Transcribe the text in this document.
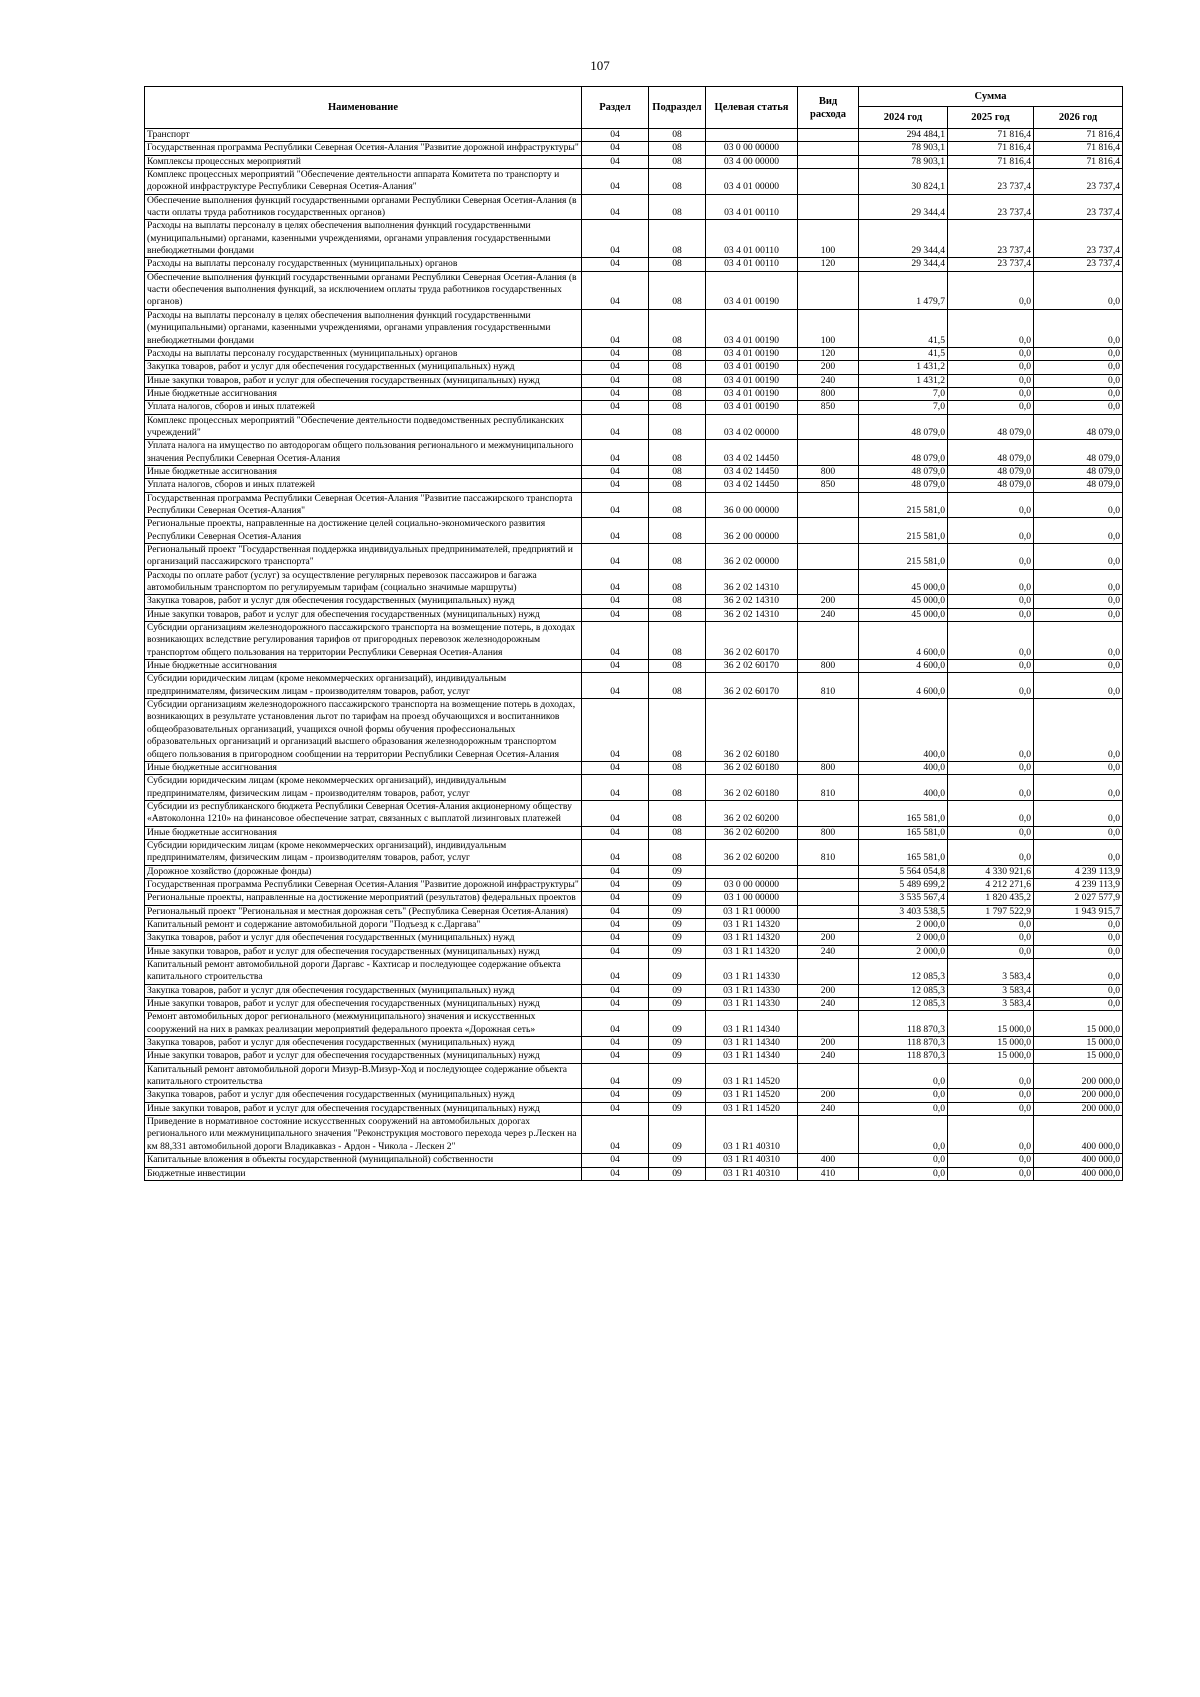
107
Наименование	Раздел	Подраздел	Целевая статья	Вид расхода	Сумма		
					2024 год	2025 год	2026 год
Транспорт	04	08			294 484,1	71 816,4	71 816,4
Государственная программа Республики Северная Осетия-Алания "Развитие дорожной инфраструктуры"	04	08	03 0 00 00000		78 903,1	71 816,4	71 816,4
Комплексы процессных мероприятий	04	08	03 4 00 00000		78 903,1	71 816,4	71 816,4
Комплекс процессных мероприятий "Обеспечение деятельности аппарата Комитета по транспорту и дорожной инфраструктуре Республики Северная Осетия-Алания"	04	08	03 4 01 00000		30 824,1	23 737,4	23 737,4
Обеспечение выполнения функций государственными органами Республики Северная Осетия-Алания (в части оплаты труда работников государственных органов)	04	08	03 4 01 00110		29 344,4	23 737,4	23 737,4
Расходы на выплаты персоналу в целях обеспечения выполнения функций государственными (муниципальными) органами, казенными учреждениями, органами управления государственными внебюджетными фондами	04	08	03 4 01 00110	100	29 344,4	23 737,4	23 737,4
Расходы на выплаты персоналу государственных (муниципальных) органов	04	08	03 4 01 00110	120	29 344,4	23 737,4	23 737,4
Обеспечение выполнения функций государственными органами Республики Северная Осетия-Алания (в части обеспечения выполнения функций, за исключением оплаты труда работников государственных органов)	04	08	03 4 01 00190		1 479,7	0,0	0,0
Расходы на выплаты персоналу в целях обеспечения выполнения функций государственными (муниципальными) органами, казенными учреждениями, органами управления государственными внебюджетными фондами	04	08	03 4 01 00190	100	41,5	0,0	0,0
Расходы на выплаты персоналу государственных (муниципальных) органов	04	08	03 4 01 00190	120	41,5	0,0	0,0
Закупка товаров, работ и услуг для обеспечения государственных (муниципальных) нужд	04	08	03 4 01 00190	200	1 431,2	0,0	0,0
Иные закупки товаров, работ и услуг для обеспечения государственных (муниципальных) нужд	04	08	03 4 01 00190	240	1 431,2	0,0	0,0
Иные бюджетные ассигнования	04	08	03 4 01 00190	800	7,0	0,0	0,0
Уплата налогов, сборов и иных платежей	04	08	03 4 01 00190	850	7,0	0,0	0,0
Комплекс процессных мероприятий "Обеспечение деятельности подведомственных республиканских учреждений"	04	08	03 4 02 00000		48 079,0	48 079,0	48 079,0
Уплата налога на имущество по автодорогам общего пользования регионального и межмуниципального значения Республики Северная Осетия-Алания	04	08	03 4 02 14450		48 079,0	48 079,0	48 079,0
Иные бюджетные ассигнования	04	08	03 4 02 14450	800	48 079,0	48 079,0	48 079,0
Уплата налогов, сборов и иных платежей	04	08	03 4 02 14450	850	48 079,0	48 079,0	48 079,0
Государственная программа Республики Северная Осетия-Алания "Развитие пассажирского транспорта Республики Северная Осетия-Алания"	04	08	36 0 00 00000		215 581,0	0,0	0,0
Региональные проекты, направленные на достижение целей социально-экономического развития Республики Северная Осетия-Алания	04	08	36 2 00 00000		215 581,0	0,0	0,0
Региональный проект "Государственная поддержка индивидуальных предпринимателей, предприятий и организаций пассажирского транспорта"	04	08	36 2 02 00000		215 581,0	0,0	0,0
Расходы по оплате работ (услуг) за осуществление регулярных перевозок пассажиров и багажа автомобильным транспортом по регулируемым тарифам (социально значимые маршруты)	04	08	36 2 02 14310		45 000,0	0,0	0,0
Закупка товаров, работ и услуг для обеспечения государственных (муниципальных) нужд	04	08	36 2 02 14310	200	45 000,0	0,0	0,0
Иные закупки товаров, работ и услуг для обеспечения государственных (муниципальных) нужд	04	08	36 2 02 14310	240	45 000,0	0,0	0,0
Субсидии организациям железнодорожного пассажирского транспорта на возмещение потерь, в доходах возникающих вследствие регулирования тарифов от пригородных перевозок железнодорожным транспортом общего пользования на территории Республики Северная Осетия-Алания	04	08	36 2 02 60170		4 600,0	0,0	0,0
Иные бюджетные ассигнования	04	08	36 2 02 60170	800	4 600,0	0,0	0,0
Субсидии юридическим лицам (кроме некоммерческих организаций), индивидуальным предпринимателям, физическим лицам - производителям товаров, работ, услуг	04	08	36 2 02 60170	810	4 600,0	0,0	0,0
Субсидии организациям железнодорожного пассажирского транспорта на возмещение потерь в доходах, возникающих в результате установления льгот по тарифам на проезд обучающихся и воспитанников общеобразовательных организаций, учащихся очной формы обучения профессиональных образовательных организаций и организаций высшего образования железнодорожным транспортом общего пользования в пригородном сообщении на территории Республики Северная Осетия-Алания	04	08	36 2 02 60180		400,0	0,0	0,0
Иные бюджетные ассигнования	04	08	36 2 02 60180	800	400,0	0,0	0,0
Субсидии юридическим лицам (кроме некоммерческих организаций), индивидуальным предпринимателям, физическим лицам - производителям товаров, работ, услуг	04	08	36 2 02 60180	810	400,0	0,0	0,0
Субсидии из республиканского бюджета Республики Северная Осетия-Алания акционерному обществу «Автоколонна 1210» на финансовое обеспечение затрат, связанных с выплатой лизинговых платежей	04	08	36 2 02 60200		165 581,0	0,0	0,0
Иные бюджетные ассигнования	04	08	36 2 02 60200	800	165 581,0	0,0	0,0
Субсидии юридическим лицам (кроме некоммерческих организаций), индивидуальным предпринимателям, физическим лицам - производителям товаров, работ, услуг	04	08	36 2 02 60200	810	165 581,0	0,0	0,0
Дорожное хозяйство (дорожные фонды)	04	09			5 564 054,8	4 330 921,6	4 239 113,9
Государственная программа Республики Северная Осетия-Алания "Развитие дорожной инфраструктуры"	04	09	03 0 00 00000		5 489 699,2	4 212 271,6	4 239 113,9
Региональные проекты, направленные на достижение мероприятий (результатов) федеральных проектов	04	09	03 1 00 00000		3 535 567,4	1 820 435,2	2 027 577,9
Региональный проект "Региональная и местная дорожная сеть" (Республика Северная Осетия-Алания)	04	09	03 1 R1 00000		3 403 538,5	1 797 522,9	1 943 915,7
Капитальный ремонт и содержание автомобильной дороги "Подъезд к с.Даргава"	04	09	03 1 R1 14320		2 000,0	0,0	0,0
Закупка товаров, работ и услуг для обеспечения государственных (муниципальных) нужд	04	09	03 1 R1 14320	200	2 000,0	0,0	0,0
Иные закупки товаров, работ и услуг для обеспечения государственных (муниципальных) нужд	04	09	03 1 R1 14320	240	2 000,0	0,0	0,0
Капитальный ремонт автомобильной дороги Даргавс - Кахтисар и последующее содержание объекта капитального строительства	04	09	03 1 R1 14330		12 085,3	3 583,4	0,0
Закупка товаров, работ и услуг для обеспечения государственных (муниципальных) нужд	04	09	03 1 R1 14330	200	12 085,3	3 583,4	0,0
Иные закупки товаров, работ и услуг для обеспечения государственных (муниципальных) нужд	04	09	03 1 R1 14330	240	12 085,3	3 583,4	0,0
Ремонт автомобильных дорог регионального (межмуниципального) значения и искусственных сооружений на них в рамках реализации мероприятий федерального проекта «Дорожная сеть»	04	09	03 1 R1 14340		118 870,3	15 000,0	15 000,0
Закупка товаров, работ и услуг для обеспечения государственных (муниципальных) нужд	04	09	03 1 R1 14340	200	118 870,3	15 000,0	15 000,0
Иные закупки товаров, работ и услуг для обеспечения государственных (муниципальных) нужд	04	09	03 1 R1 14340	240	118 870,3	15 000,0	15 000,0
Капитальный ремонт автомобильной дороги Мизур-В.Мизур-Ход и последующее содержание объекта капитального строительства	04	09	03 1 R1 14520		0,0	0,0	200 000,0
Закупка товаров, работ и услуг для обеспечения государственных (муниципальных) нужд	04	09	03 1 R1 14520	200	0,0	0,0	200 000,0
Иные закупки товаров, работ и услуг для обеспечения государственных (муниципальных) нужд	04	09	03 1 R1 14520	240	0,0	0,0	200 000,0
Приведение в нормативное состояние искусственных сооружений на автомобильных дорогах регионального или межмуниципального значения "Реконструкция мостового перехода через р.Лескен на км 88,331 автомобильной дороги Владикавказ - Ардон - Чикола - Лескен 2"	04	09	03 1 R1 40310		0,0	0,0	400 000,0
Капитальные вложения в объекты государственной (муниципальной) собственности	04	09	03 1 R1 40310	400	0,0	0,0	400 000,0
Бюджетные инвестиции	04	09	03 1 R1 40310	410	0,0	0,0	400 000,0
